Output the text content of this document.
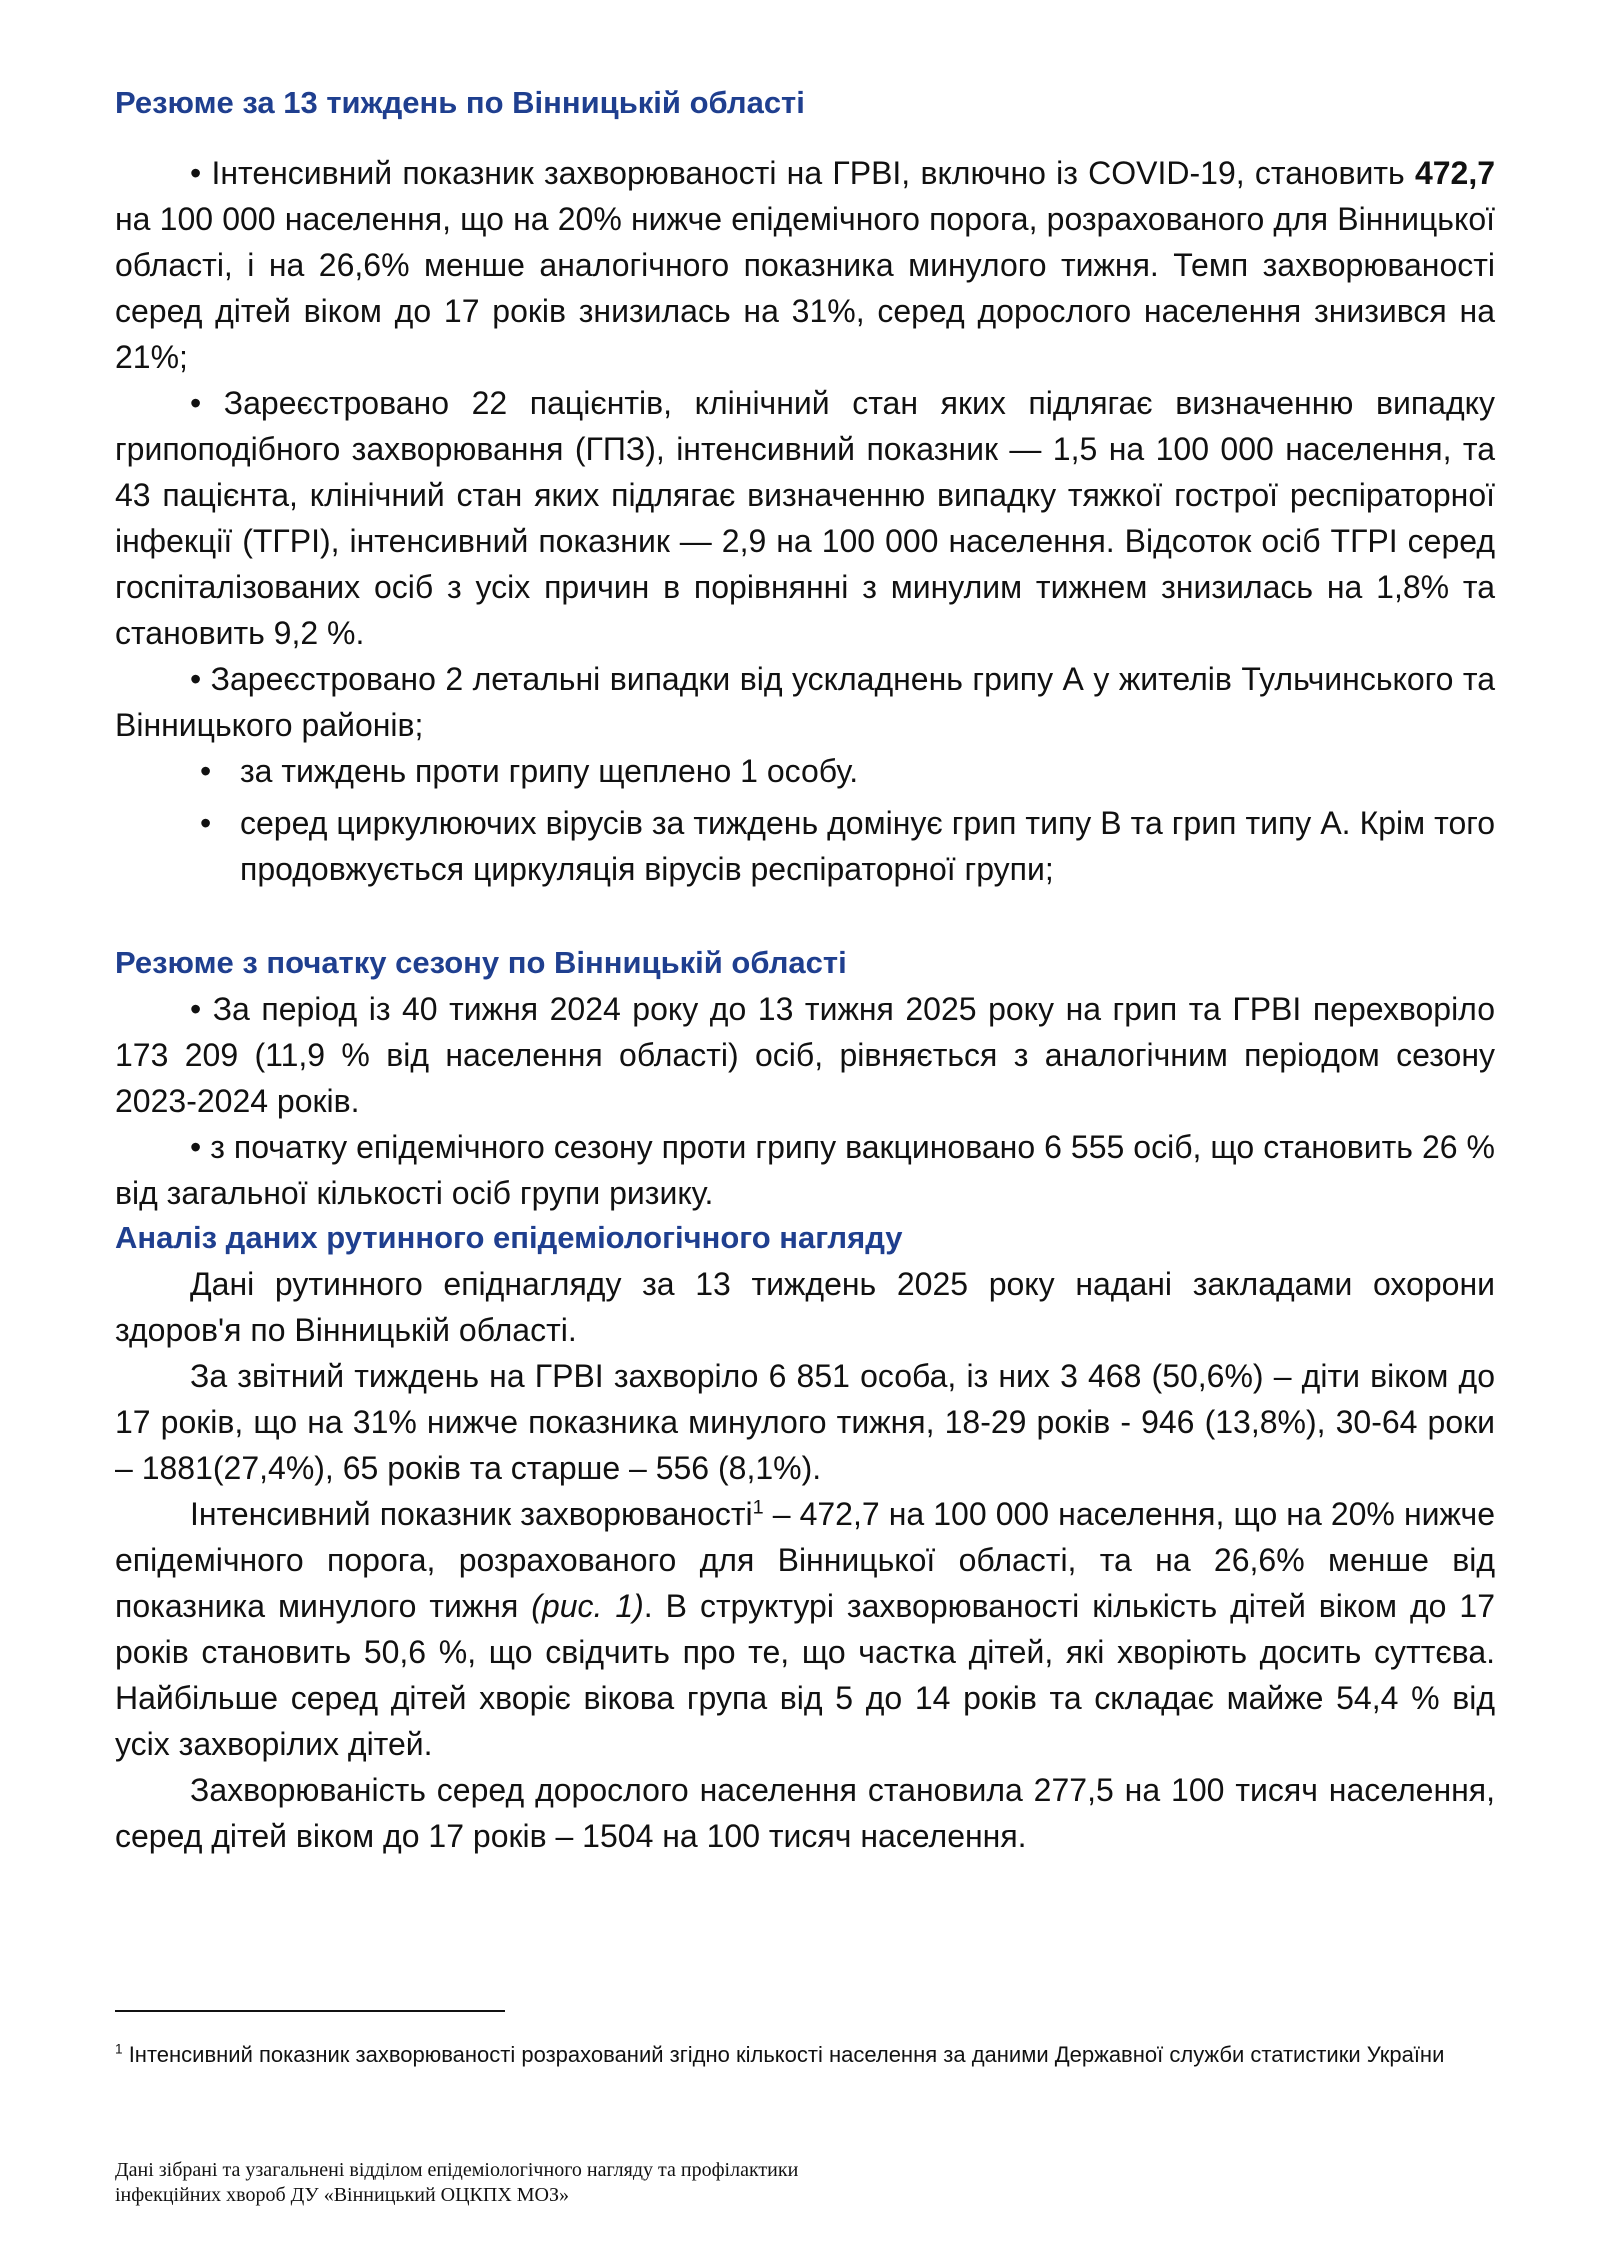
Резюме за 13 тиждень по Вінницькій області

• Інтенсивний показник захворюваності на ГРВІ, включно із COVID-19, становить 472,7 на 100 000 населення, що на 20% нижче епідемічного порога, розрахованого для Вінницької області, і на 26,6% менше аналогічного показника минулого тижня. Темп захворюваності серед дітей віком до 17 років знизилась на 31%, серед дорослого населення знизився на 21%;

• Зареєстровано 22 пацієнтів, клінічний стан яких підлягає визначенню випадку грипоподібного захворювання (ГПЗ), інтенсивний показник — 1,5 на 100 000 населення, та 43 пацієнта, клінічний стан яких підлягає визначенню випадку тяжкої гострої респіраторної інфекції (ТГРІ), інтенсивний показник — 2,9 на 100 000 населення. Відсоток осіб ТГРІ серед госпіталізованих осіб з усіх причин в порівнянні з минулим тижнем знизилась на 1,8% та становить 9,2 %.

• Зареєстровано 2 летальні випадки від ускладнень грипу А у жителів Тульчинського та Вінницького районів;

• за тиждень проти грипу щеплено 1 особу.

• серед циркулюючих вірусів за тиждень домінує грип типу В та грип типу А. Крім того продовжується циркуляція вірусів респіраторної групи;

Резюме з початку сезону по Вінницькій області

• За період із 40 тижня 2024 року до 13 тижня 2025 року на грип та ГРВІ перехворіло 173 209 (11,9 % від населення області) осіб, рівняється з аналогічним періодом сезону 2023-2024 років.

• з початку епідемічного сезону проти грипу вакциновано 6 555 осіб, що становить 26 % від загальної кількості осіб групи ризику.

Аналіз даних рутинного епідеміологічного нагляду

Дані рутинного епіднагляду за 13 тиждень 2025 року надані закладами охорони здоров'я по Вінницькій області.

За звітний тиждень на ГРВІ захворіло 6 851 особа, із них 3 468 (50,6%) – діти віком до 17 років, що на 31% нижче показника минулого тижня, 18-29 років - 946 (13,8%), 30-64 роки – 1881(27,4%), 65 років та старше – 556 (8,1%).

Інтенсивний показник захворюваності$^1$ – 472,7 на 100 000 населення, що на 20% нижче епідемічного порога, розрахованого для Вінницької області, та на 26,6% менше від показника минулого тижня (рис. 1). В структурі захворюваності кількість дітей віком до 17 років становить 50,6 %, що свідчить про те, що частка дітей, які хворіють досить суттєва. Найбільше серед дітей хворіє вікова група від 5 до 14 років та складає майже 54,4 % від усіх захворілих дітей.

Захворюваність серед дорослого населення становила 277,5 на 100 тисяч населення, серед дітей віком до 17 років – 1504 на 100 тисяч населення.

$^1$ Інтенсивний показник захворюваності розрахований згідно кількості населення за даними Державної служби статистики України

Дані зібрані та узагальнені відділом епідеміологічного нагляду та профілактики
інфекційних хвороб ДУ «Вінницький ОЦКПХ МОЗ»
